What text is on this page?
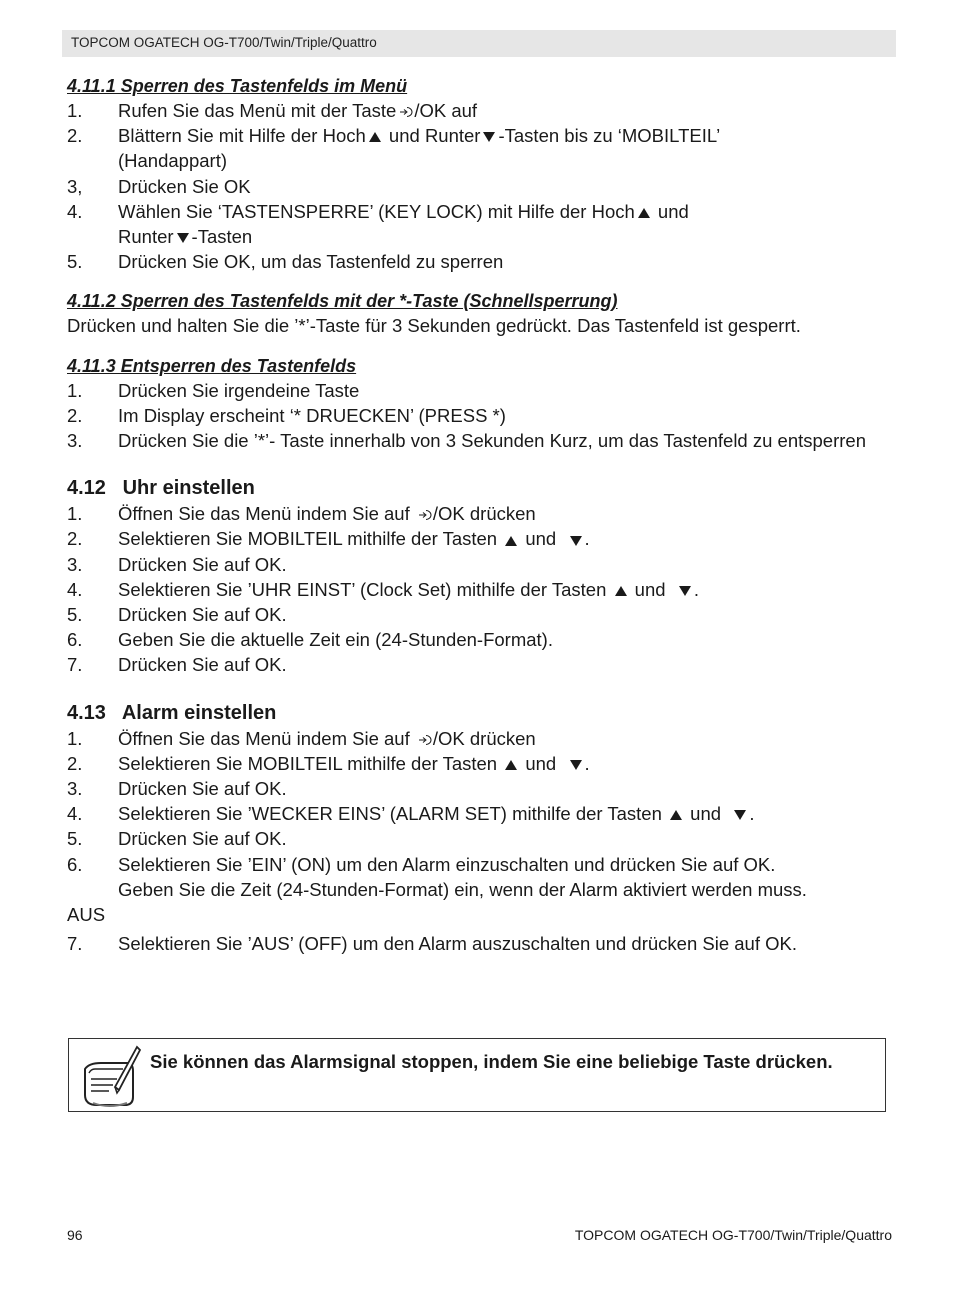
TOPCOM OGATECH OG-T700/Twin/Triple/Quattro

4.11.1 Sperren des Tastenfelds im Menü

1.	Rufen Sie das Menü mit der Taste /OK auf
2.	Blättern Sie mit Hilfe der Hoch und Runter -Tasten bis zu ‘MOBILTEIL’
(Handappart)
3,	Drücken Sie OK
4.	Wählen Sie ‘TASTENSPERRE’ (KEY LOCK) mit Hilfe der Hoch und
Runter -Tasten
5.	Drücken Sie OK, um das Tastenfeld zu sperren

4.11.2 Sperren des Tastenfelds mit der *-Taste (Schnellsperrung)

Drücken und halten Sie die ’*’-Taste für 3 Sekunden gedrückt. Das Tastenfeld ist gesperrt.

4.11.3 Entsperren des Tastenfelds

1.	Drücken Sie irgendeine Taste
2.	Im Display erscheint ‘* DRUECKEN’ (PRESS *)
3.	Drücken Sie die ’*’- Taste innerhalb von 3 Sekunden Kurz, um das Tastenfeld zu entsperren

4.12   Uhr einstellen

1.	Öffnen Sie das Menü indem Sie auf /OK drücken
2.	Selektieren Sie MOBILTEIL mithilfe der Tasten  und  .
3.	Drücken Sie auf OK.
4.	Selektieren Sie ’UHR EINST’ (Clock Set) mithilfe der Tasten  und  .
5.	Drücken Sie auf OK.
6.	Geben Sie die aktuelle Zeit ein (24-Stunden-Format).
7.	Drücken Sie auf OK.

4.13   Alarm einstellen

1.	Öffnen Sie das Menü indem Sie auf /OK drücken
2.	Selektieren Sie MOBILTEIL mithilfe der Tasten  und  .
3.	Drücken Sie auf OK.
4.	Selektieren Sie ’WECKER EINS’ (ALARM SET) mithilfe der Tasten  und  .
5.	Drücken Sie auf OK.
6.	Selektieren Sie ’EIN’ (ON) um den Alarm einzuschalten und drücken Sie auf OK.
Geben Sie die Zeit (24-Stunden-Format) ein, wenn der Alarm aktiviert werden muss.

AUS

7.	Selektieren Sie ’AUS’ (OFF) um den Alarm auszuschalten und drücken Sie auf OK.
Sie können das Alarmsignal stoppen, indem Sie eine beliebige Taste drücken.
96	TOPCOM OGATECH OG-T700/Twin/Triple/Quattro
